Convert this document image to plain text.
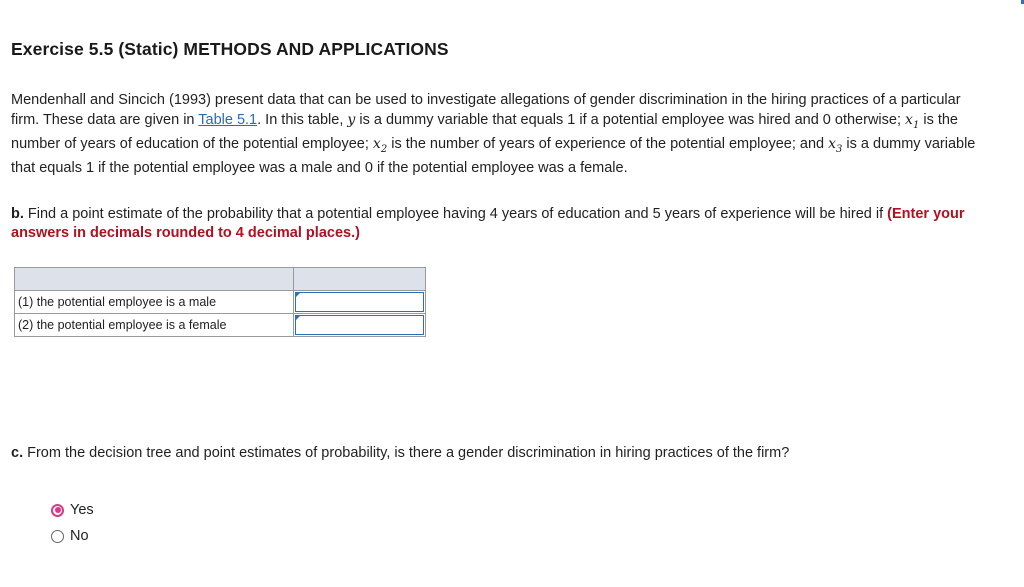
Exercise 5.5 (Static) METHODS AND APPLICATIONS
Mendenhall and Sincich (1993) present data that can be used to investigate allegations of gender discrimination in the hiring practices of a particular firm. These data are given in Table 5.1. In this table, y is a dummy variable that equals 1 if a potential employee was hired and 0 otherwise; $x_1$ is the number of years of education of the potential employee; $x_2$ is the number of years of experience of the potential employee; and $x_3$ is a dummy variable that equals 1 if the potential employee was a male and 0 if the potential employee was a female.
b. Find a point estimate of the probability that a potential employee having 4 years of education and 5 years of experience will be hired if (Enter your answers in decimals rounded to 4 decimal places.)

(1) the potential employee is a male	

(2) the potential employee is a female	
c. From the decision tree and point estimates of probability, is there a gender discrimination in hiring practices of the firm?
Yes
No
